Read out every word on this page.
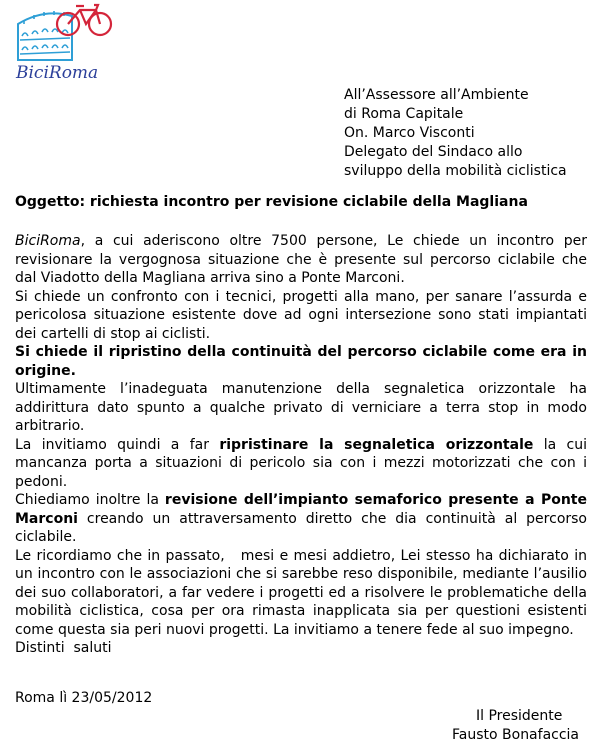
BiciRoma
All’Assessore all’Ambiente
di Roma Capitale
On. Marco Visconti
Delegato del Sindaco allo
sviluppo della mobilità ciclistica
Oggetto: richiesta incontro per revisione ciclabile della Magliana

BiciRoma, a cui aderiscono oltre 7500 persone, Le chiede un incontro per revisionare la vergognosa situazione che è presente sul percorso ciclabile che dal Viadotto della Magliana arriva sino a Ponte Marconi.

Si chiede un confronto con i tecnici, progetti alla mano, per sanare l’assurda e pericolosa situazione esistente dove ad ogni intersezione sono stati impiantati dei cartelli di stop ai ciclisti.

Si chiede il ripristino della continuità del percorso ciclabile come era in origine.

Ultimamente l’inadeguata manutenzione della segnaletica orizzontale ha addirittura dato spunto a qualche privato di verniciare a terra stop in modo arbitrario.

La invitiamo quindi a far ripristinare la segnaletica orizzontale la cui mancanza porta a situazioni di pericolo sia con i mezzi motorizzati che con i pedoni.

Chiediamo inoltre la revisione dell’impianto semaforico presente a Ponte Marconi creando un attraversamento diretto che dia continuità al percorso ciclabile.

Le ricordiamo che in passato,   mesi e mesi addietro, Lei stesso ha dichiarato in un incontro con le associazioni che si sarebbe reso disponibile, mediante l’ausilio dei suo collaboratori, a far vedere i progetti ed a risolvere le problematiche della mobilità ciclistica, cosa per ora rimasta inapplicata sia per questioni esistenti come questa sia peri nuovi progetti. La invitiamo a tenere fede al suo impegno.

Distinti  saluti

Roma lì 23/05/2012
Il Presidente
Fausto Bonafaccia
